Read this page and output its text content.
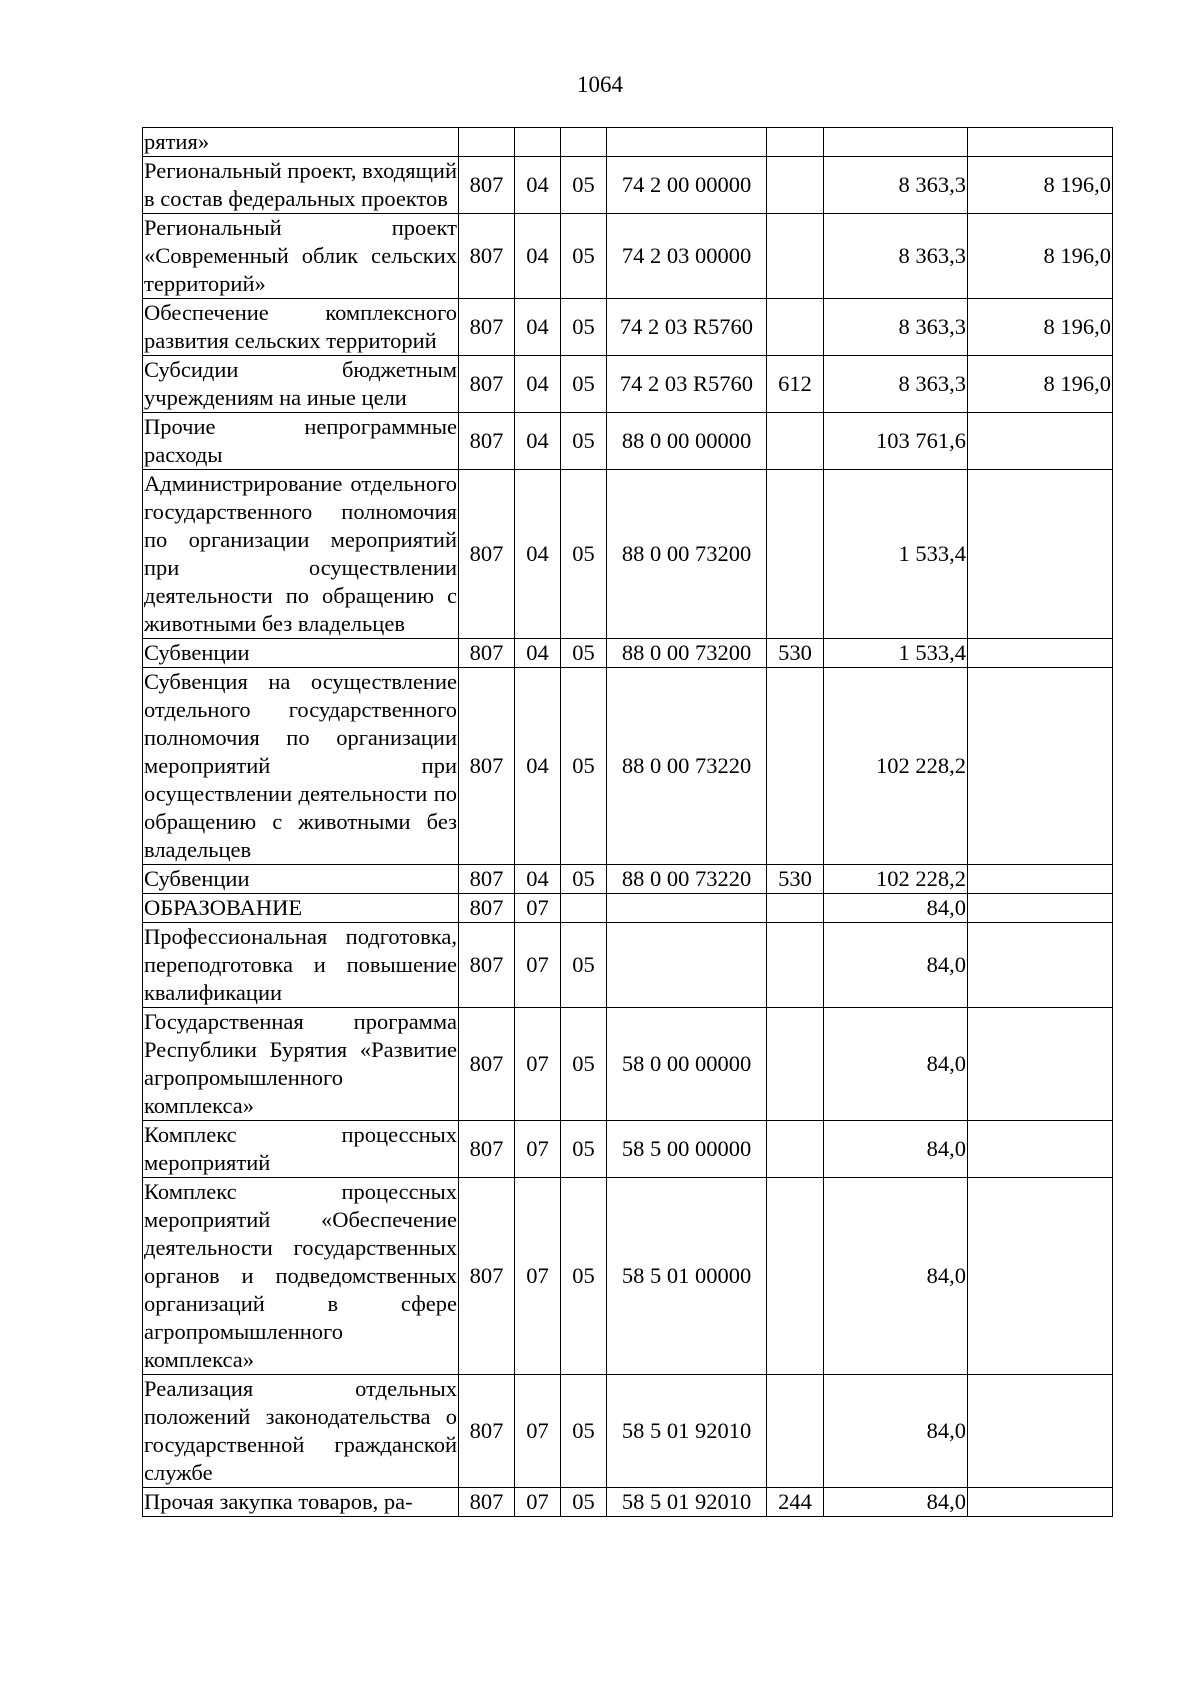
1064
рятия»							
Региональный проект, входящий в состав федеральных проектов	807	04	05	74 2 00 00000		8 363,3	8 196,0
Региональный проект «Современный облик сельских территорий»	807	04	05	74 2 03 00000		8 363,3	8 196,0
Обеспечение комплексного развития сельских территорий	807	04	05	74 2 03 R5760		8 363,3	8 196,0
Субсидии бюджетным учреждениям на иные цели	807	04	05	74 2 03 R5760	612	8 363,3	8 196,0
Прочие непрограммные расходы	807	04	05	88 0 00 00000		103 761,6	
Администрирование отдельного государственного полномочия по организации мероприятий при осуществлении деятельности по обращению с животными без владельцев	807	04	05	88 0 00 73200		1 533,4	
Субвенции	807	04	05	88 0 00 73200	530	1 533,4	
Субвенция на осуществление отдельного государственного полномочия по организации мероприятий при осуществлении деятельности по обращению с животными без владельцев	807	04	05	88 0 00 73220		102 228,2	
Субвенции	807	04	05	88 0 00 73220	530	102 228,2	
ОБРАЗОВАНИЕ	807	07				84,0	
Профессиональная подготовка, переподготовка и повышение квалификации	807	07	05			84,0	
Государственная программа Республики Бурятия «Развитие агропромышленного комплекса»	807	07	05	58 0 00 00000		84,0	
Комплекс процессных мероприятий	807	07	05	58 5 00 00000		84,0	
Комплекс процессных мероприятий «Обеспечение деятельности государственных органов и подведомственных организаций в сфере агропромышленного комплекса»	807	07	05	58 5 01 00000		84,0	
Реализация отдельных положений законодательства о государственной гражданской службе	807	07	05	58 5 01 92010		84,0	
Прочая закупка товаров, ра-	807	07	05	58 5 01 92010	244	84,0	
